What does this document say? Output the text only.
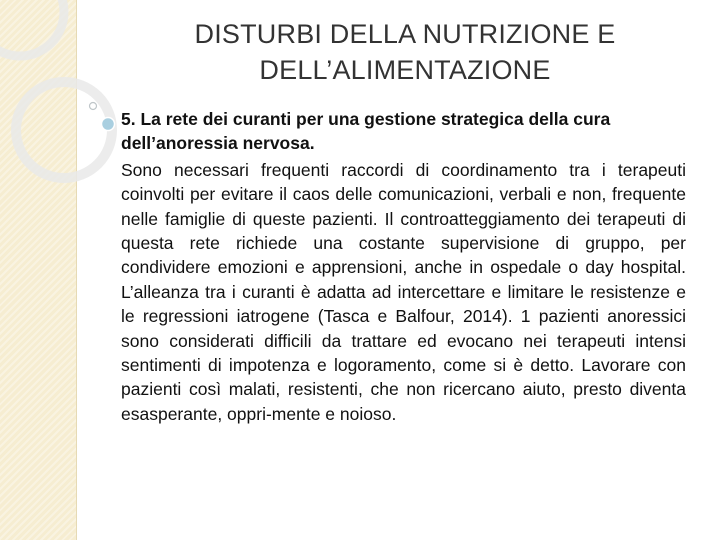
DISTURBI DELLA NUTRIZIONE E DELL’ALIMENTAZIONE

5. La rete dei curanti per una gestione strategica della cura dell’anoressia nervosa.

Sono necessari frequenti raccordi di coordinamento tra i terapeuti coinvolti per evitare il caos delle comunicazioni, verbali e non, frequente nelle famiglie di queste pazienti. Il controatteggiamento dei terapeuti di questa rete richiede una costante supervisione di gruppo, per condividere emozioni e apprensioni, anche in ospedale o day hospital. L’alleanza tra i curanti è adatta ad intercettare e limitare le resistenze e le regressioni iatrogene (Tasca e Balfour, 2014). 1 pazienti anoressici sono considerati difficili da trattare ed evocano nei terapeuti intensi sentimenti di impotenza e logoramento, come si è detto. Lavorare con pazienti così malati, resistenti, che non ricercano aiuto, presto diventa esasperante, oppri-mente e noioso.
